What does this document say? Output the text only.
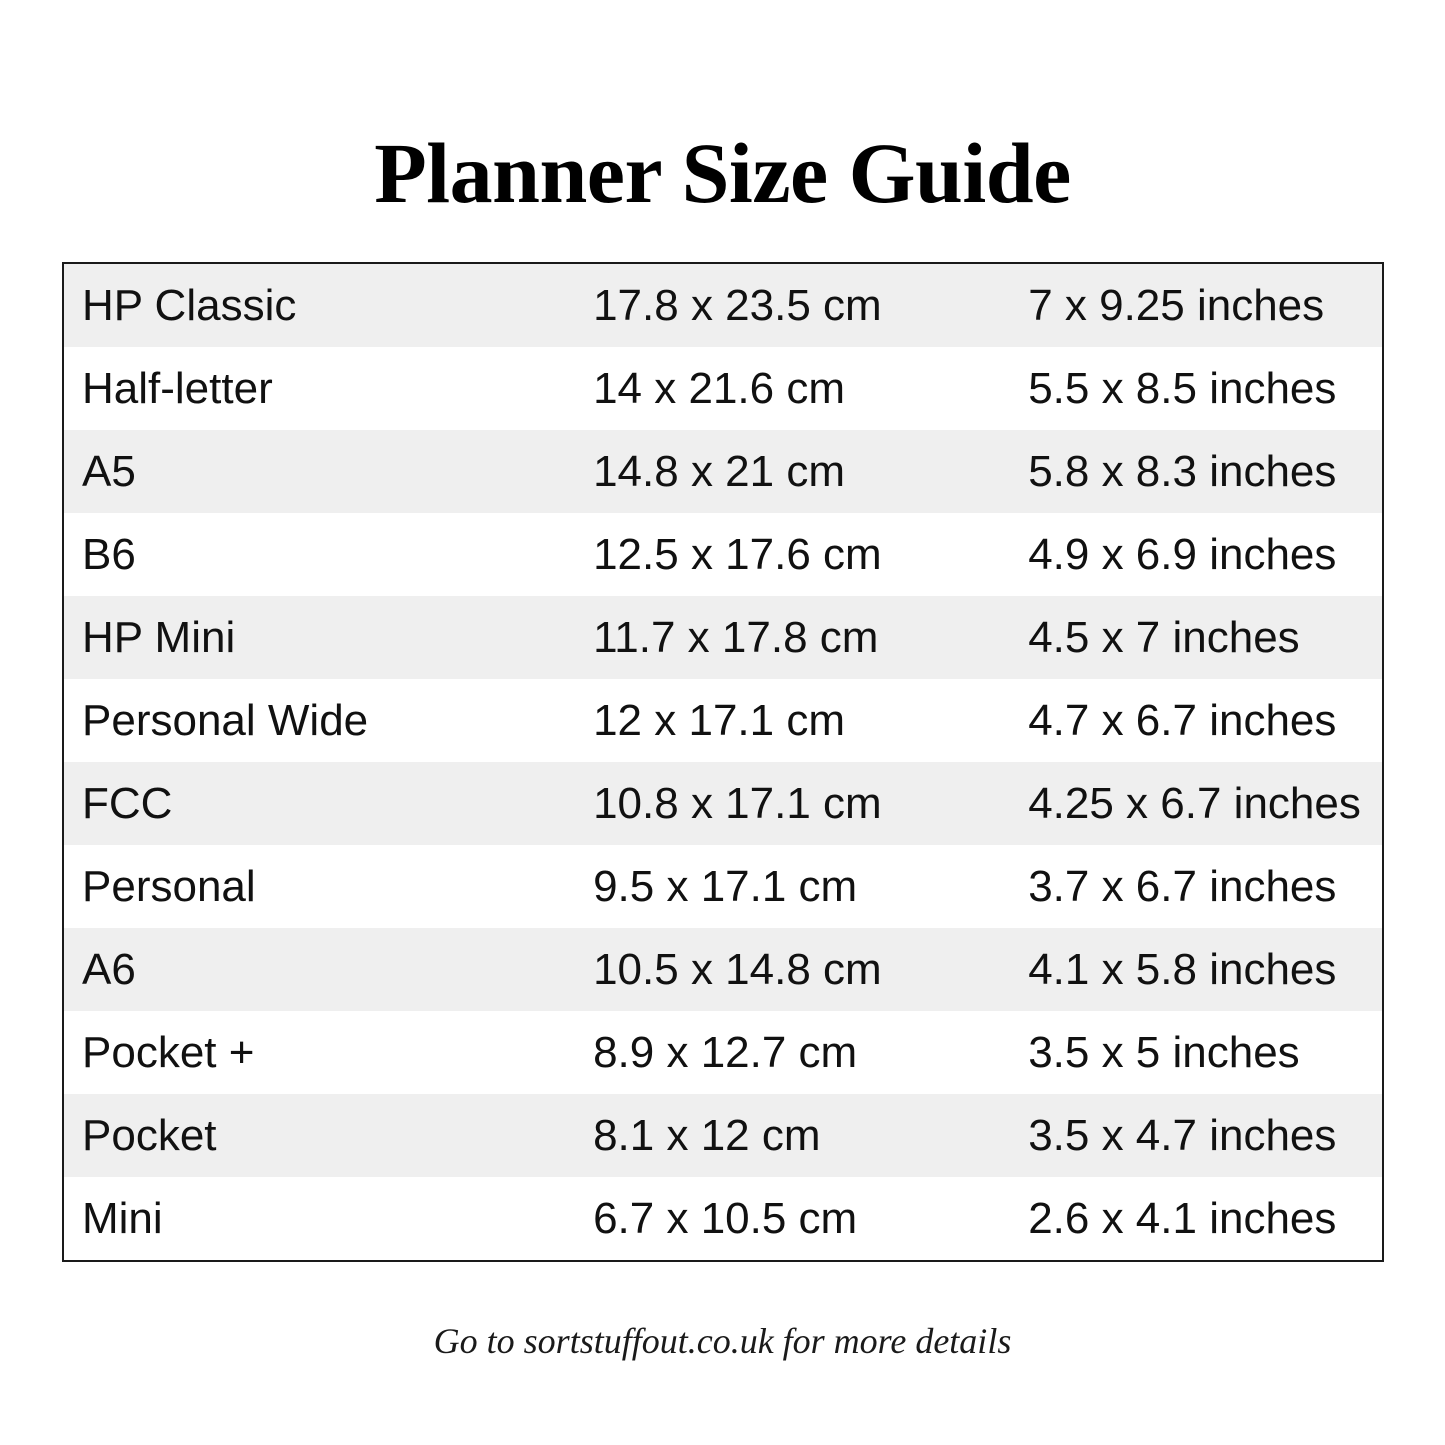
Planner Size Guide
HP Classic	17.8 x 23.5 cm	7 x 9.25 inches
Half-letter	14 x 21.6 cm	5.5 x 8.5 inches
A5	14.8 x 21 cm	5.8 x 8.3 inches
B6	12.5 x 17.6 cm	4.9 x 6.9 inches
HP Mini	11.7 x 17.8 cm	4.5 x 7 inches
Personal Wide	12 x 17.1 cm	4.7 x 6.7 inches
FCC	10.8 x 17.1 cm	4.25 x 6.7 inches
Personal	9.5 x 17.1 cm	3.7 x 6.7 inches
A6	10.5 x 14.8 cm	4.1 x 5.8 inches
Pocket +	8.9 x 12.7 cm	3.5 x 5 inches
Pocket	8.1 x 12 cm	3.5 x 4.7 inches
Mini	6.7 x 10.5 cm	2.6 x 4.1 inches
Go to sortstuffout.co.uk for more details
